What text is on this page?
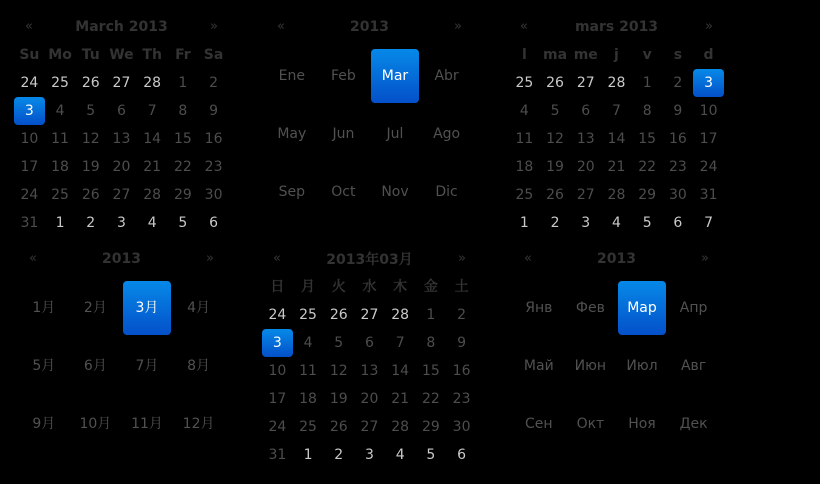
«	March 2013	»
Su Mo Tu We Th Fr Sa
24 25 26 27 28	1	2
3	4	5	6	7	8	9
10 11 12 13 14 15 16
17 18 19 20 21 22 23
24 25 26 27 28 29 30
31	1	2	3	4	5	6
«	2013	»
Ene	Feb	Mar	Abr
May	Jun	Jul	Ago
Sep	Oct	Nov	Dic
«	mars 2013	»
l	ma me	j	v	s	d
25 26 27 28	1	2	3
4	5	6	7	8	9	10
11 12 13 14 15 16 17
18 19 20 21 22 23 24
25 26 27 28 29 30 31
1	2	3	4	5	6	7
«	2013	»
1月	2月	3月	4月
5月	6月	7月	8月
9月	10月	11月	12月
«	2013年03月	»
日	月	火	水	木	金	土
24 25 26 27 28	1	2
3	4	5	6	7	8	9
10 11 12 13 14 15 16
17 18 19 20 21 22 23
24 25 26 27 28 29 30
31	1	2	3	4	5	6
«	2013	»
Янв	Фев	Мар	Апр
Май	Июн	Июл	Авг
Сен	Окт	Ноя	Дек
